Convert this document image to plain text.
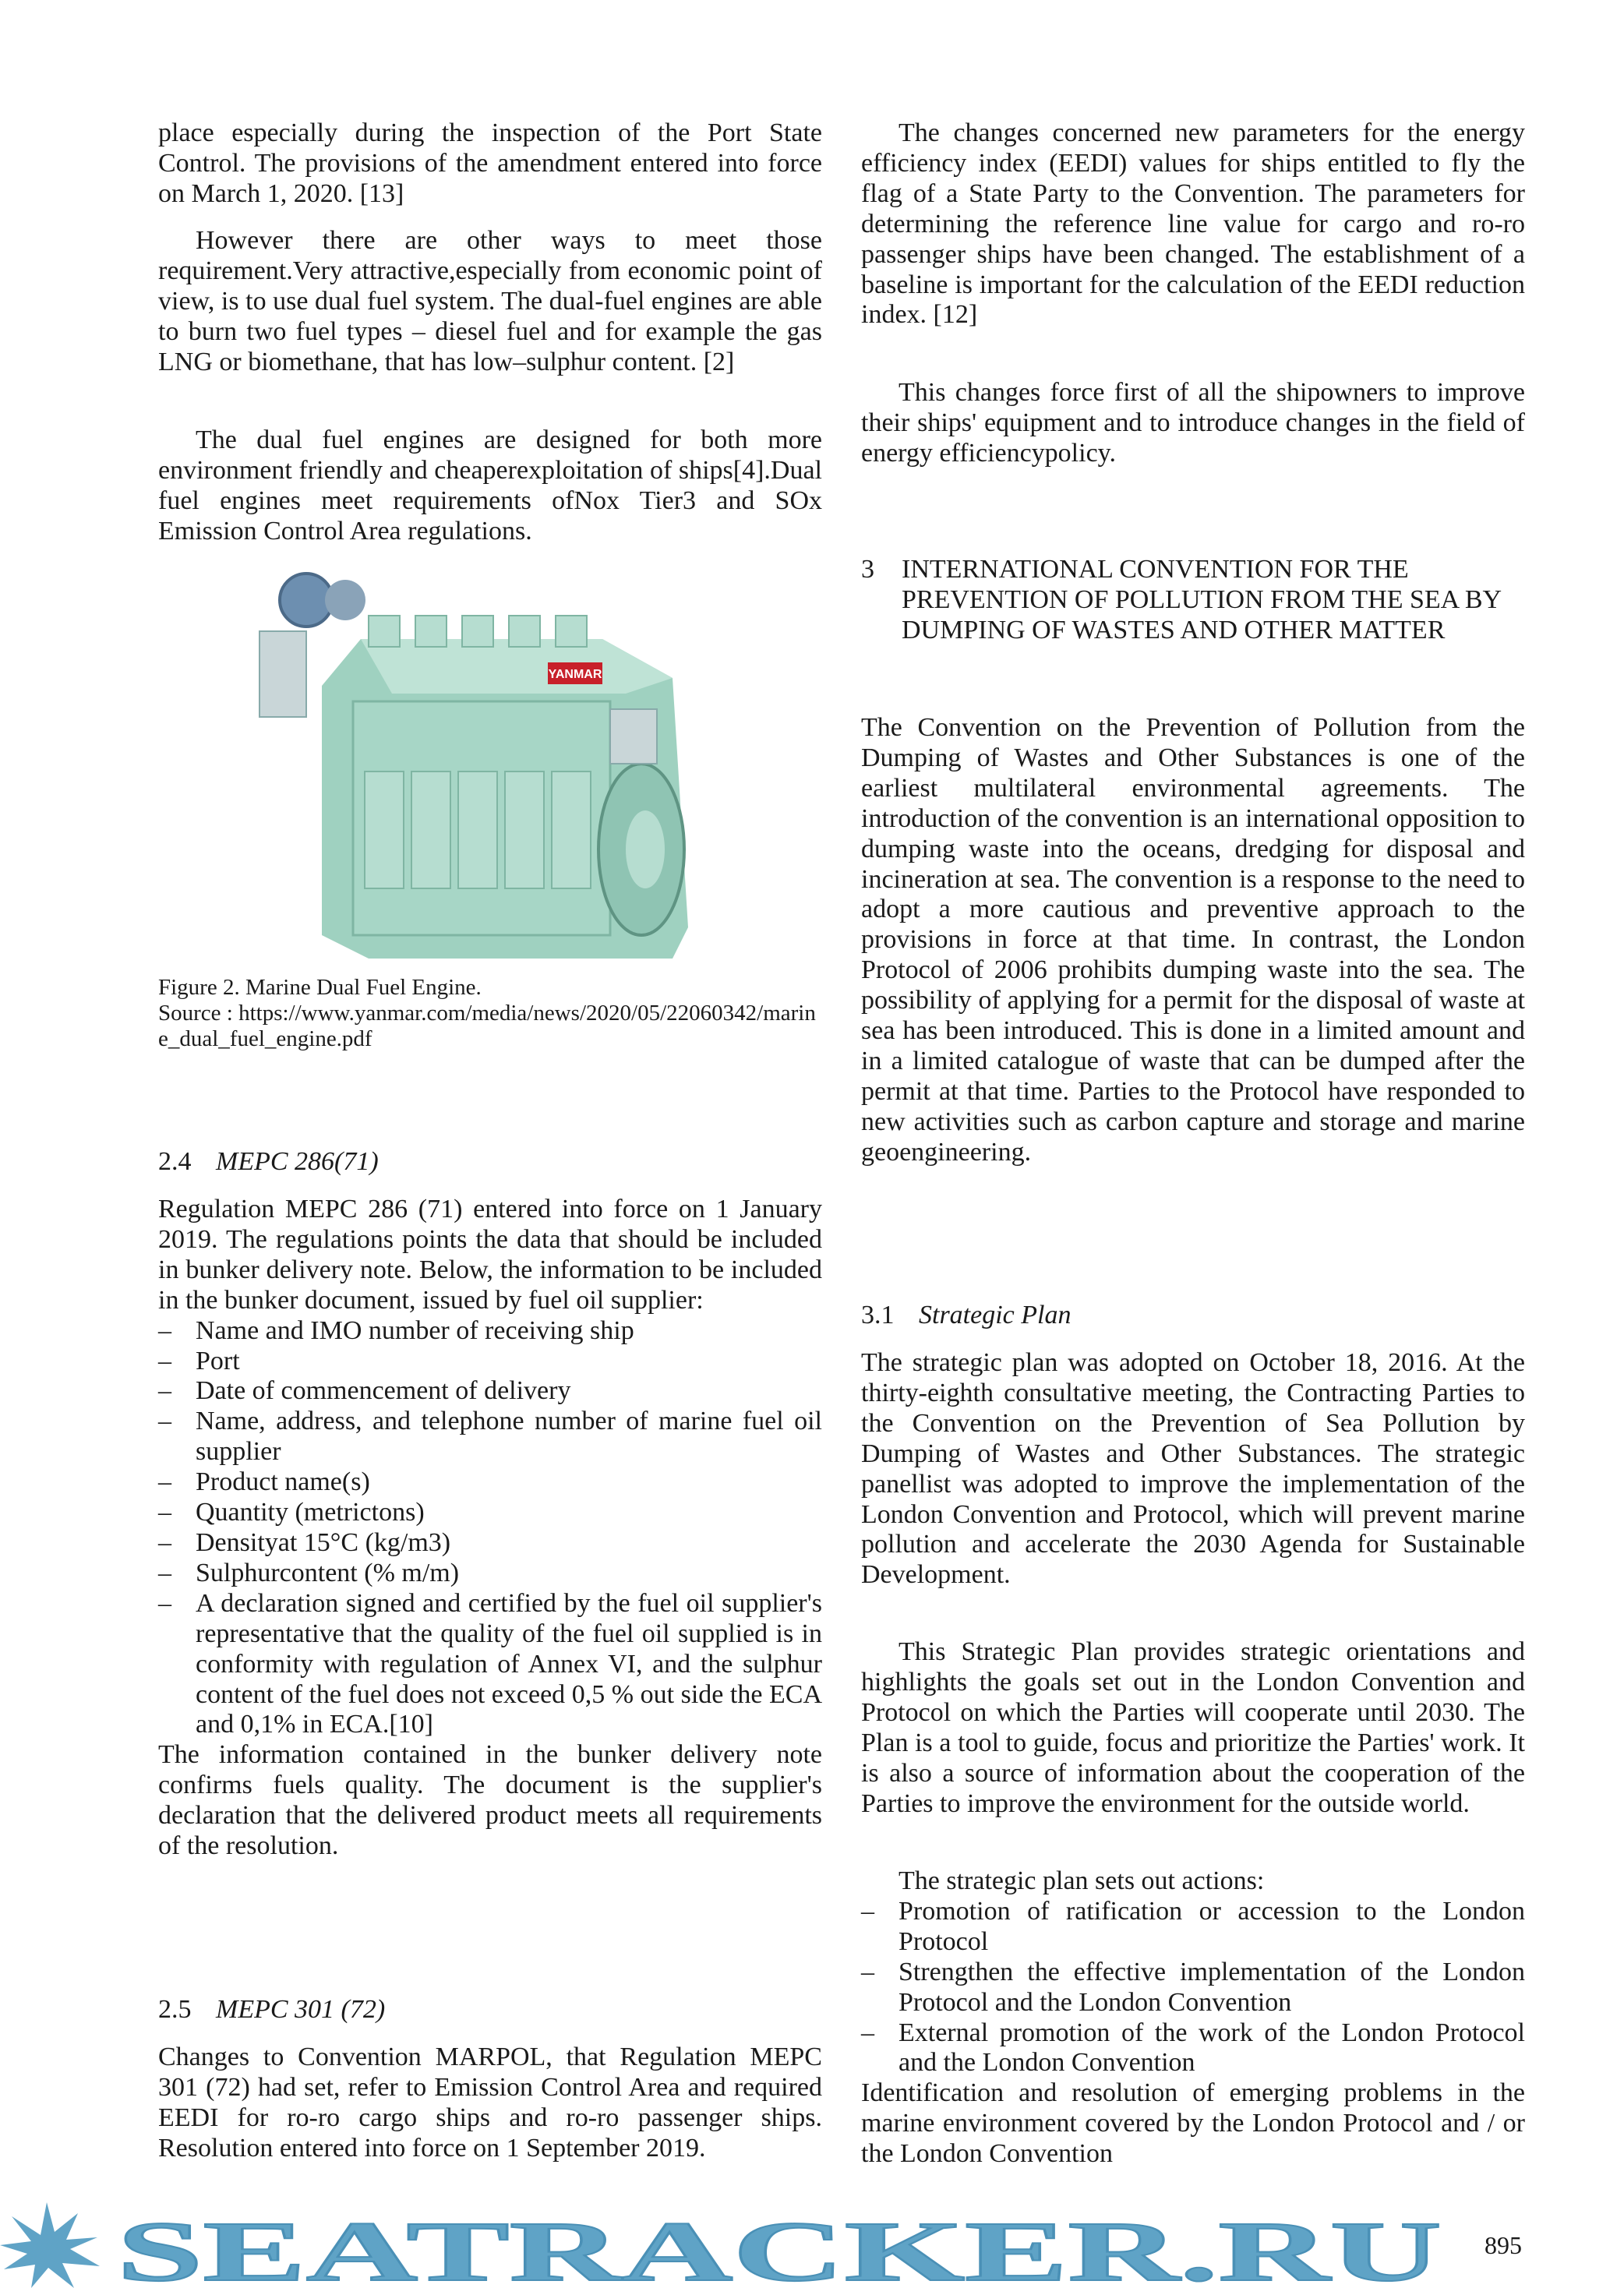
place especially during the inspection of the Port State Control. The provisions of the amendment entered into force on March 1, 2020. [13]

However there are other ways to meet those requirement.Very attractive,especially from economic point of view, is to use dual fuel system. The dual-fuel engines are able to burn two fuel types – diesel fuel and for example the gas LNG or biomethane, that has low–sulphur content. [2]

The dual fuel engines are designed for both more environment friendly and cheaperexploitation of ships[4].Dual fuel engines meet requirements ofNox Tier3 and SOx Emission Control Area regulations.

YANMAR
Figure 2. Marine Dual Fuel Engine.
Source : https://www.yanmar.com/media/news/2020/05/22060342/marine_dual_fuel_engine.pdf
2.4 MEPC 286(71)
Regulation MEPC 286 (71) entered into force on 1 January 2019. The regulations points the data that should be included in bunker delivery note. Below, the information to be included in the bunker document, issued by fuel oil supplier:
– Name and IMO number of receiving ship
– Port
– Date of commencement of delivery
– Name, address, and telephone number of marine fuel oil supplier
– Product name(s)
– Quantity (metrictons)
– Densityat 15°C (kg/m3)
– Sulphurcontent (% m/m)
– A declaration signed and certified by the fuel oil supplier's representative that the quality of the fuel oil supplied is in conformity with regulation of Annex VI, and the sulphur content of the fuel does not exceed 0,5 % out side the ECA and 0,1% in ECA.[10]
The information contained in the bunker delivery note confirms fuels quality. The document is the supplier's declaration that the delivered product meets all requirements of the resolution.
2.5 MEPC 301 (72)

Changes to Convention MARPOL, that Regulation MEPC 301 (72) had set, refer to Emission Control Area and required EEDI for ro-ro cargo ships and ro-ro passenger ships. Resolution entered into force on 1 September 2019.

The changes concerned new parameters for the energy efficiency index (EEDI) values for ships entitled to fly the flag of a State Party to the Convention. The parameters for determining the reference line value for cargo and ro-ro passenger ships have been changed. The establishment of a baseline is important for the calculation of the EEDI reduction index. [12]

This changes force first of all the shipowners to improve their ships' equipment and to introduce changes in the field of energy efficiencypolicy.

3 INTERNATIONAL CONVENTION FOR THE PREVENTION OF POLLUTION FROM THE SEA BY DUMPING OF WASTES AND OTHER MATTER

The Convention on the Prevention of Pollution from the Dumping of Wastes and Other Substances is one of the earliest multilateral environmental agreements. The introduction of the convention is an international opposition to dumping waste into the oceans, dredging for disposal and incineration at sea. The convention is a response to the need to adopt a more cautious and preventive approach to the provisions in force at that time. In contrast, the London Protocol of 2006 prohibits dumping waste into the sea. The possibility of applying for a permit for the disposal of waste at sea has been introduced. This is done in a limited amount and in a limited catalogue of waste that can be dumped after the permit at that time. Parties to the Protocol have responded to new activities such as carbon capture and storage and marine geoengineering.

3.1 Strategic Plan

The strategic plan was adopted on October 18, 2016. At the thirty-eighth consultative meeting, the Contracting Parties to the Convention on the Prevention of Sea Pollution by Dumping of Wastes and Other Substances. The strategic panellist was adopted to improve the implementation of the London Convention and Protocol, which will prevent marine pollution and accelerate the 2030 Agenda for Sustainable Development.

This Strategic Plan provides strategic orientations and highlights the goals set out in the London Convention and Protocol on which the Parties will cooperate until 2030. The Plan is a tool to guide, focus and prioritize the Parties' work. It is also a source of information about the cooperation of the Parties to improve the environment for the outside world.

The strategic plan sets out actions:
– Promotion of ratification or accession to the London Protocol
– Strengthen the effective implementation of the London Protocol and the London Convention
– External promotion of the work of the London Protocol and the London Convention
Identification and resolution of emerging problems in the marine environment covered by the London Protocol and / or the London Convention
SEATRACKER.RU 895
